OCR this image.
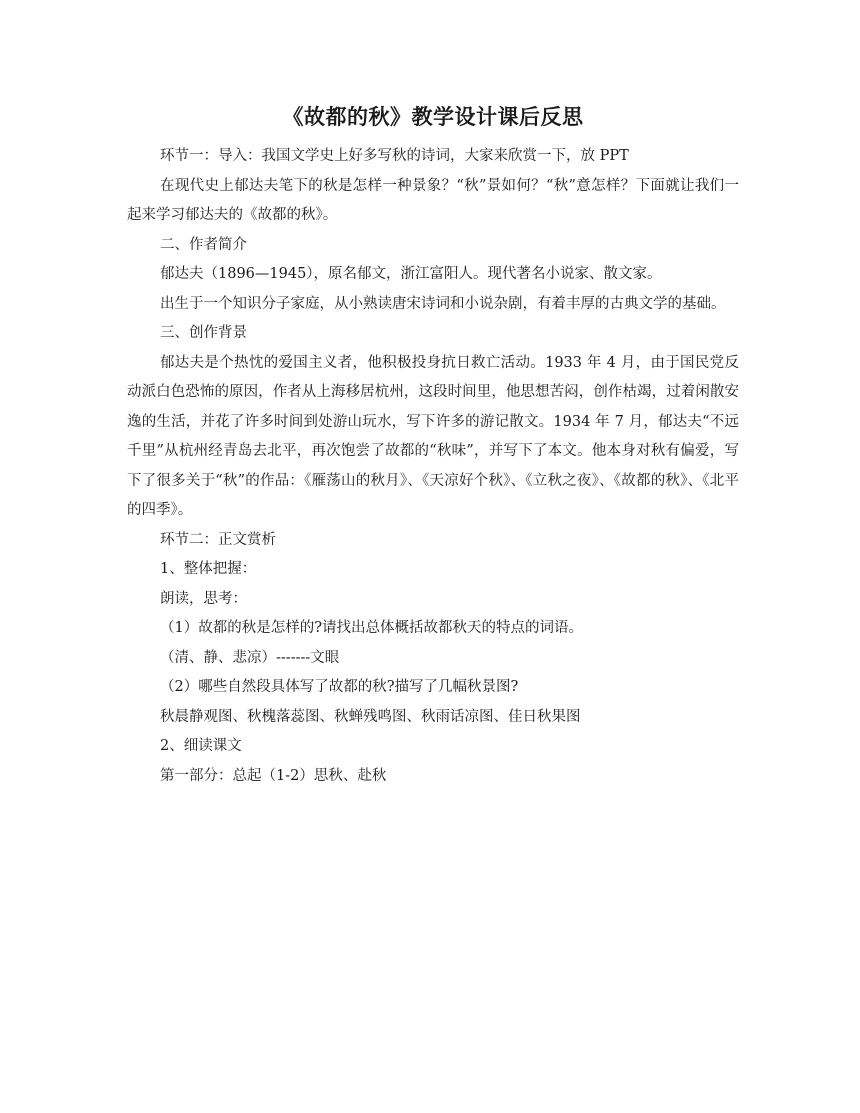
《故都的秋》教学设计课后反思

环节一：导入：我国文学史上好多写秋的诗词，大家来欣赏一下，放 PPT

在现代史上郁达夫笔下的秋是怎样一种景象？“秋”景如何？“秋”意怎样？下面就让我们一起来学习郁达夫的《故都的秋》。

二、作者简介

郁达夫（1896—1945），原名郁文，浙江富阳人。现代著名小说家、散文家。

出生于一个知识分子家庭，从小熟读唐宋诗词和小说杂剧，有着丰厚的古典文学的基础。

三、创作背景

郁达夫是个热忱的爱国主义者，他积极投身抗日救亡活动。1933 年 4 月，由于国民党反动派白色恐怖的原因，作者从上海移居杭州，这段时间里，他思想苦闷，创作枯竭，过着闲散安逸的生活，并花了许多时间到处游山玩水，写下许多的游记散文。1934 年 7 月，郁达夫“不远千里”从杭州经青岛去北平，再次饱尝了故都的“秋味”，并写下了本文。他本身对秋有偏爱，写下了很多关于“秋”的作品：《雁荡山的秋月》、《天凉好个秋》、《立秋之夜》、《故都的秋》、《北平的四季》。

环节二：正文赏析

1、整体把握：

朗读，思考：

（1）故都的秋是怎样的?请找出总体概括故都秋天的特点的词语。

（清、静、悲凉）-------文眼

（2）哪些自然段具体写了故都的秋?描写了几幅秋景图?

秋晨静观图、秋槐落蕊图、秋蝉残鸣图、秋雨话凉图、佳日秋果图

2、细读课文

第一部分：总起（1-2）思秋、赴秋
